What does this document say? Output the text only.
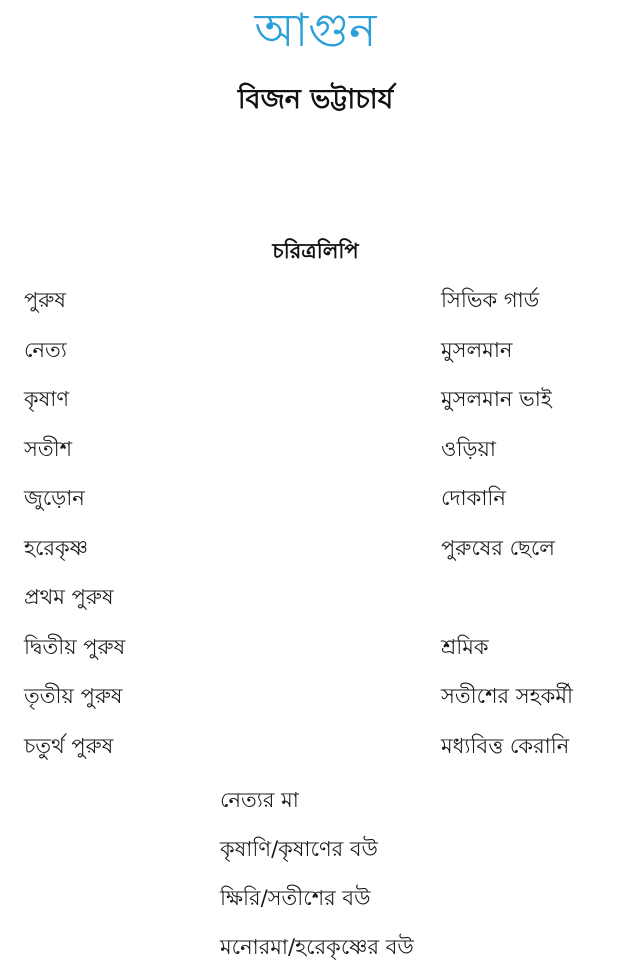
আগুন
বিজন ভট্টাচার্য
চরিত্রলিপি
পুরুষ
নেত্য
কৃষাণ
সতীশ
জুড়োন
হরেকৃষ্ণ
প্রথম পুরুষ
দ্বিতীয় পুরুষ
তৃতীয় পুরুষ
চতুর্থ পুরুষ
সিভিক গার্ড
মুসলমান
মুসলমান ভাই
ওড়িয়া
দোকানি
পুরুষের ছেলে
শ্রমিক
সতীশের সহকর্মী
মধ্যবিত্ত কেরানি
নেত্যর মা
কৃষাণি/কৃষাণের বউ
ক্ষিরি/সতীশের বউ
মনোরমা/হরেকৃষ্ণের বউ
